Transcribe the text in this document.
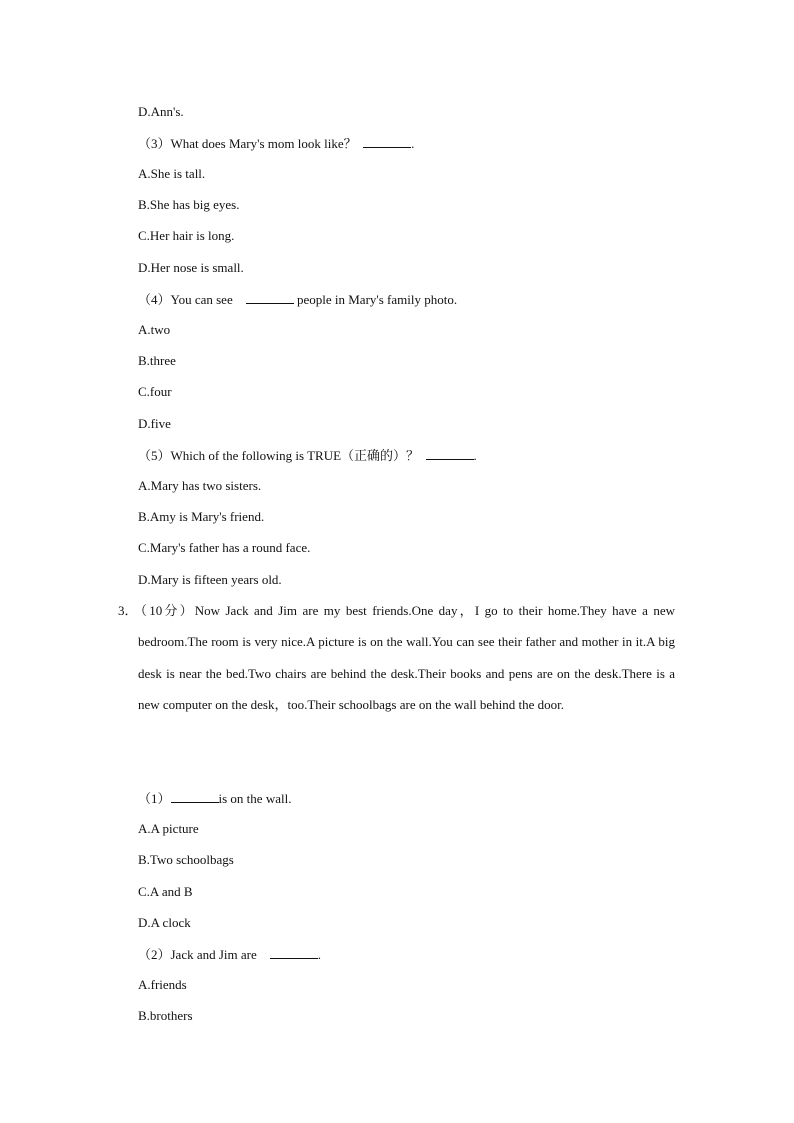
D.Ann's.
（3）What does Mary's mom look like？	.
A.She is tall.
B.She has big eyes.
C.Her hair is long.
D.Her nose is small.
（4）You can see	people in Mary's family photo.
A.two
B.three
C.four
D.five
（5）Which of the following is TRUE（正确的）？	.
A.Mary has two sisters.
B.Amy is Mary's friend.
C.Mary's father has a round face.
D.Mary is fifteen years old.
3．
（10分）Now Jack and Jim are my best friends.One day，I go to their home.They have a new bedroom.The room is very nice.A picture is on the wall.You can see their father and mother in it.A big desk is near the bed.Two chairs are behind the desk.Their books and pens are on the desk.There is a new computer on the desk，too.Their schoolbags are on the wall behind the door.
（1）	is on the wall.
A.A picture
B.Two schoolbags
C.A and B
D.A clock
（2）Jack and Jim are	.
A.friends
B.brothers
